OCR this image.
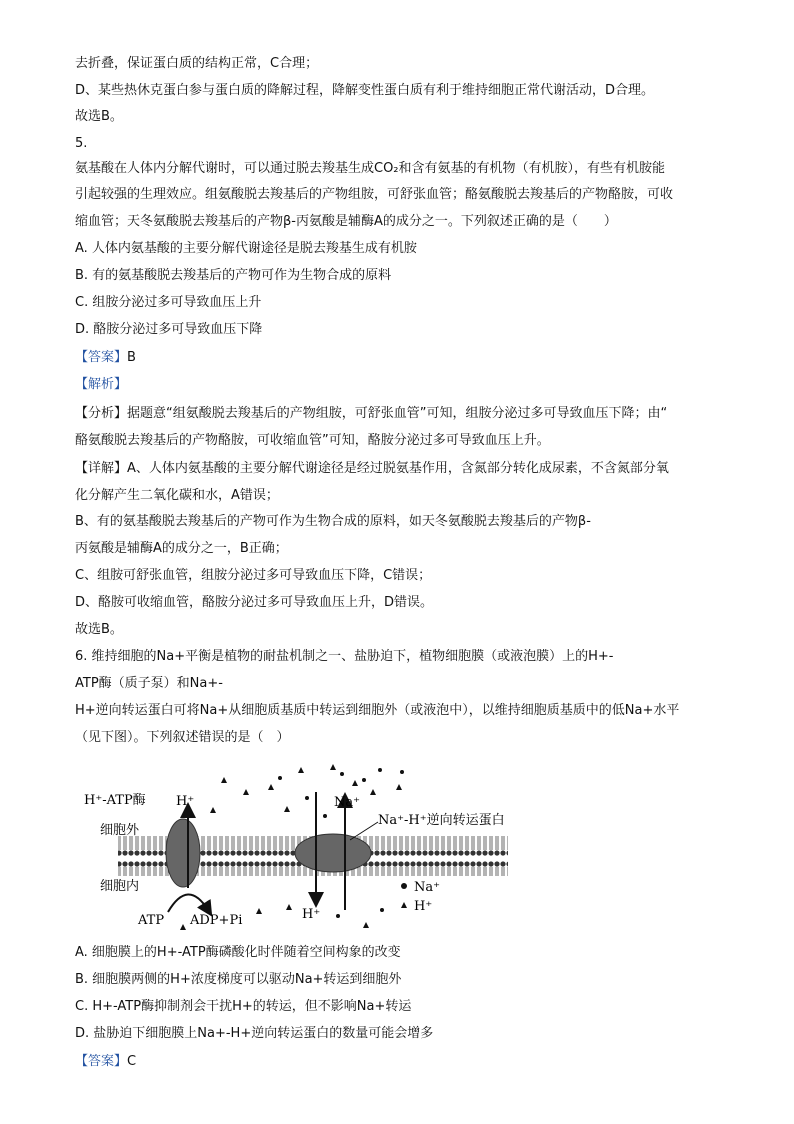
去折叠，保证蛋白质的结构正常，C合理；
D、某些热休克蛋白参与蛋白质的降解过程，降解变性蛋白质有利于维持细胞正常代谢活动，D合理。
故选B。
5.
氨基酸在人体内分解代谢时，可以通过脱去羧基生成CO₂和含有氨基的有机物（有机胺），有些有机胺能
引起较强的生理效应。组氨酸脱去羧基后的产物组胺，可舒张血管；酪氨酸脱去羧基后的产物酪胺，可收
缩血管；天冬氨酸脱去羧基后的产物β-丙氨酸是辅酶A的成分之一。下列叙述正确的是（　　）
A. 人体内氨基酸的主要分解代谢途径是脱去羧基生成有机胺
B. 有的氨基酸脱去羧基后的产物可作为生物合成的原料
C. 组胺分泌过多可导致血压上升
D. 酪胺分泌过多可导致血压下降
【答案】B
【解析】
【分析】据题意“组氨酸脱去羧基后的产物组胺，可舒张血管”可知，组胺分泌过多可导致血压下降；由“
酪氨酸脱去羧基后的产物酪胺，可收缩血管”可知，酪胺分泌过多可导致血压上升。
【详解】A、人体内氨基酸的主要分解代谢途径是经过脱氨基作用，含氮部分转化成尿素，不含氮部分氧
化分解产生二氧化碳和水，A错误；
B、有的氨基酸脱去羧基后的产物可作为生物合成的原料，如天冬氨酸脱去羧基后的产物β-
丙氨酸是辅酶A的成分之一，B正确；
C、组胺可舒张血管，组胺分泌过多可导致血压下降，C错误；
D、酪胺可收缩血管，酪胺分泌过多可导致血压上升，D错误。
故选B。
6. 维持细胞的Na+平衡是植物的耐盐机制之一、盐胁迫下，植物细胞膜（或液泡膜）上的H+-
ATP酶（质子泵）和Na+-
H+逆向转运蛋白可将Na+从细胞质基质中转运到细胞外（或液泡中），以维持细胞质基质中的低Na+水平
（见下图）。下列叙述错误的是（　）
H⁺-ATP酶 H⁺	Na⁺
Na⁺-H⁺逆向转运蛋白
细胞外
细胞内
ATP ADP+Pi	H⁺
Na⁺
H⁺
A. 细胞膜上的H+-ATP酶磷酸化时伴随着空间构象的改变
B. 细胞膜两侧的H+浓度梯度可以驱动Na+转运到细胞外
C. H+-ATP酶抑制剂会干扰H+的转运，但不影响Na+转运
D. 盐胁迫下细胞膜上Na+-H+逆向转运蛋白的数量可能会增多
【答案】C
